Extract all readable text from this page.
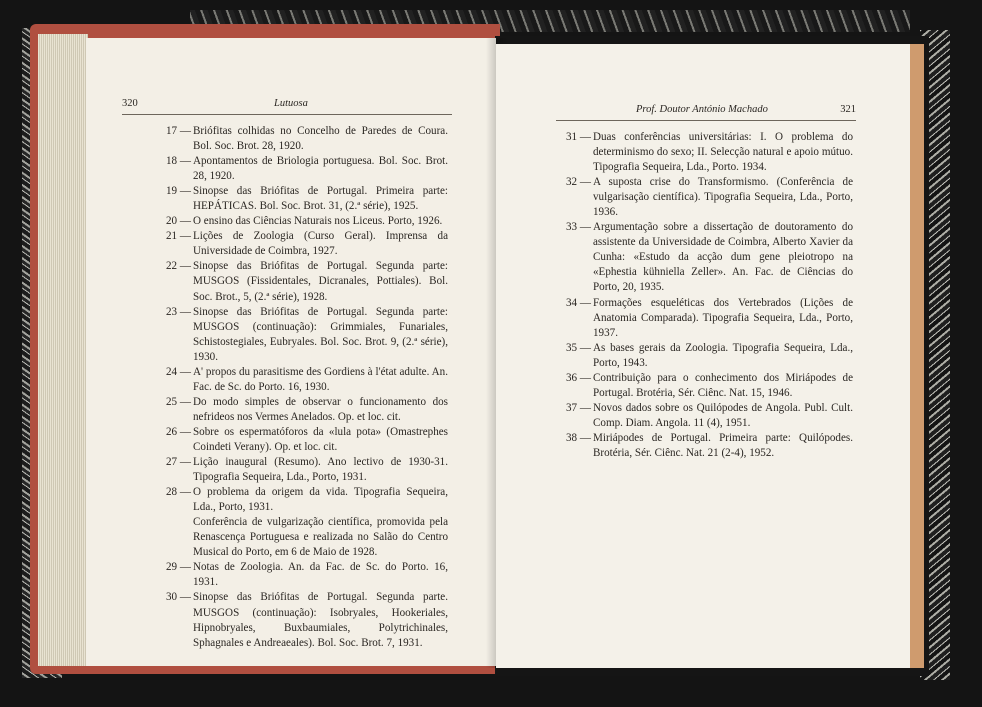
320	Lutuosa
17 — Briófitas colhidas no Concelho de Paredes de Coura. Bol. Soc. Brot. 28, 1920.
18 — Apontamentos de Briologia portuguesa. Bol. Soc. Brot. 28, 1920.
19 — Sinopse das Briófitas de Portugal. Primeira parte: HEPÁTICAS. Bol. Soc. Brot. 31, (2.ª série), 1925.
20 — O ensino das Ciências Naturais nos Liceus. Porto, 1926.
21 — Lições de Zoologia (Curso Geral). Imprensa da Universidade de Coimbra, 1927.
22 — Sinopse das Briófitas de Portugal. Segunda parte: MUSGOS (Fissidentales, Dicranales, Pottiales). Bol. Soc. Brot., 5, (2.ª série), 1928.
23 — Sinopse das Briófitas de Portugal. Segunda parte: MUSGOS (continuação): Grimmiales, Funariales, Schistostegiales, Eubryales. Bol. Soc. Brot. 9, (2.ª série), 1930.
24 — A' propos du parasitisme des Gordiens à l'état adulte. An. Fac. de Sc. do Porto. 16, 1930.
25 — Do modo simples de observar o funcionamento dos nefrideos nos Vermes Anelados. Op. et loc. cit.
26 — Sobre os espermatóforos da «lula pota» (Omastrephes Coindeti Verany). Op. et loc. cit.
27 — Lição inaugural (Resumo). Ano lectivo de 1930-31. Tipografia Sequeira, Lda., Porto, 1931.
28 — O problema da origem da vida. Tipografia Sequeira, Lda., Porto, 1931.
Conferência de vulgarização científica, promovida pela Renascença Portuguesa e realizada no Salão do Centro Musical do Porto, em 6 de Maio de 1928.
29 — Notas de Zoologia. An. da Fac. de Sc. do Porto. 16, 1931.
30 — Sinopse das Briófitas de Portugal. Segunda parte. MUSGOS (continuação): Isobryales, Hookeriales, Hipnobryales, Buxbaumiales, Polytrichinales, Sphagnales e Andreaeales). Bol. Soc. Brot. 7, 1931.
Prof. Doutor António Machado	321
31 — Duas conferências universitárias: I. O problema do determinismo do sexo; II. Selecção natural e apoio mútuo. Tipografia Sequeira, Lda., Porto. 1934.
32 — A suposta crise do Transformismo. (Conferência de vulgarisação científica). Tipografia Sequeira, Lda., Porto, 1936.
33 — Argumentação sobre a dissertação de doutoramento do assistente da Universidade de Coimbra, Alberto Xavier da Cunha: «Estudo da acção dum gene pleiotropo na «Ephestia kühniella Zeller». An. Fac. de Ciências do Porto, 20, 1935.
34 — Formações esqueléticas dos Vertebrados (Lições de Anatomia Comparada). Tipografia Sequeira, Lda., Porto, 1937.
35 — As bases gerais da Zoologia. Tipografia Sequeira, Lda., Porto, 1943.
36 — Contribuição para o conhecimento dos Miriápodes de Portugal. Brotéria, Sér. Ciênc. Nat. 15, 1946.
37 — Novos dados sobre os Quilópodes de Angola. Publ. Cult. Comp. Diam. Angola. 11 (4), 1951.
38 — Miriápodes de Portugal. Primeira parte: Quilópodes. Brotéria, Sér. Ciênc. Nat. 21 (2-4), 1952.
